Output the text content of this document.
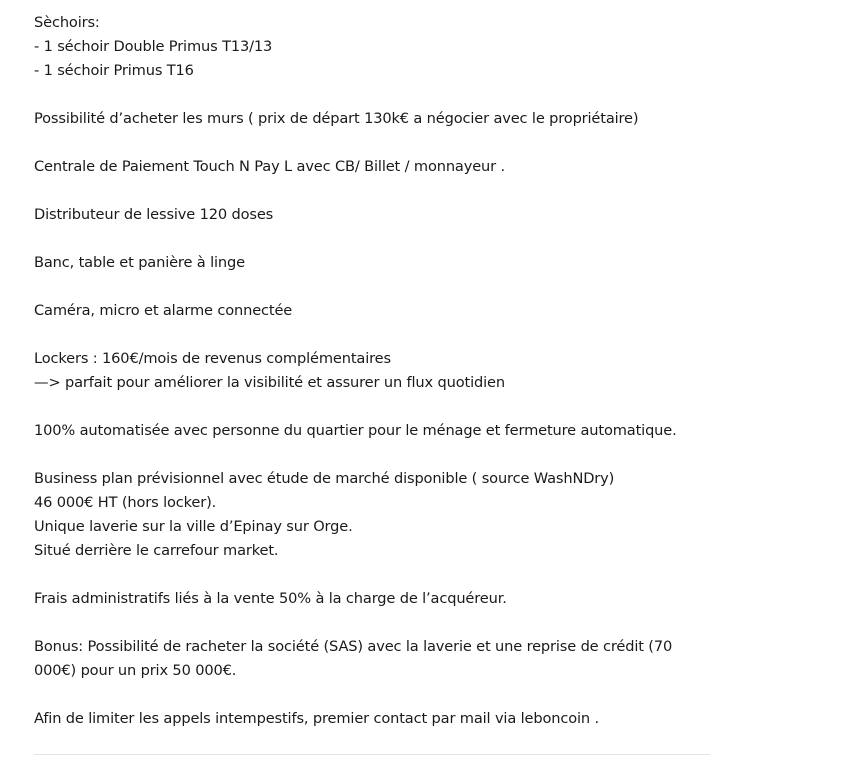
Sèchoirs:
- 1 séchoir Double Primus T13/13
- 1 séchoir Primus T16
Possibilité d’acheter les murs ( prix de départ 130k€ a négocier avec le propriétaire)
Centrale de Paiement Touch N Pay L avec CB/ Billet / monnayeur .
Distributeur de lessive 120 doses
Banc, table et panière à linge
Caméra, micro et alarme connectée
Lockers : 160€/mois de revenus complémentaires
—> parfait pour améliorer la visibilité et assurer un flux quotidien
100% automatisée avec personne du quartier pour le ménage et fermeture automatique.
Business plan prévisionnel avec étude de marché disponible ( source WashNDry)
46 000€ HT (hors locker).
Unique laverie sur la ville d’Epinay sur Orge.
Situé derrière le carrefour market.
Frais administratifs liés à la vente 50% à la charge de l’acquéreur.
Bonus: Possibilité de racheter la société (SAS) avec la laverie et une reprise de crédit (70
000€) pour un prix 50 000€.
Afin de limiter les appels intempestifs, premier contact par mail via leboncoin .
